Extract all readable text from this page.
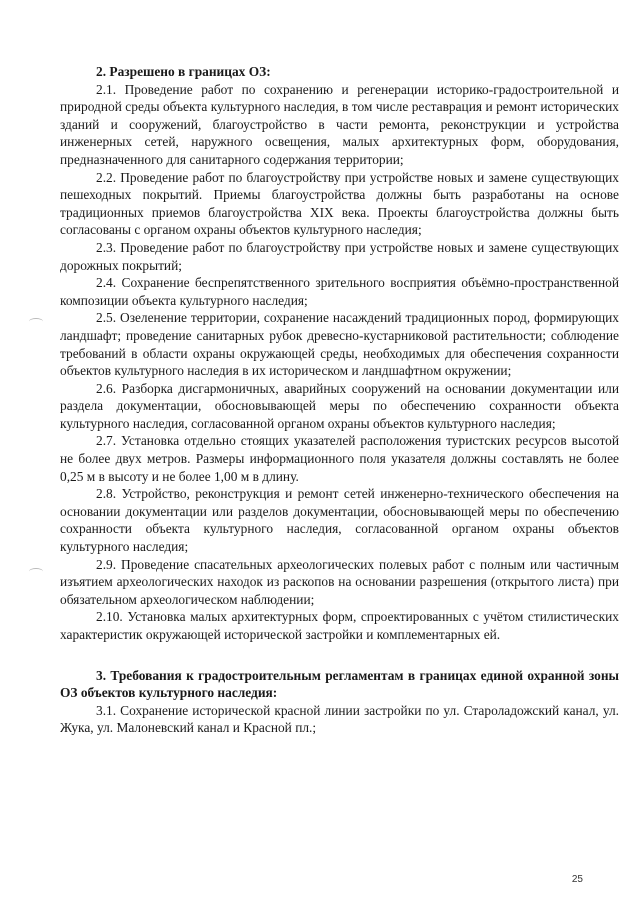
2. Разрешено в границах ОЗ:

2.1. Проведение работ по сохранению и регенерации историко-градостроительной и природной среды объекта культурного наследия, в том числе реставрация и ремонт исторических зданий и сооружений, благоустройство в части ремонта, реконструкции и устройства инженерных сетей, наружного освещения, малых архитектурных форм, оборудования, предназначенного для санитарного содержания территории;

2.2. Проведение работ по благоустройству при устройстве новых и замене существующих пешеходных покрытий. Приемы благоустройства должны быть разработаны на основе традиционных приемов благоустройства XIX века. Проекты благоустройства должны быть согласованы с органом охраны объектов культурного наследия;

2.3. Проведение работ по благоустройству при устройстве новых и замене существующих дорожных покрытий;

2.4. Сохранение беспрепятственного зрительного восприятия объёмно-пространственной композиции объекта культурного наследия;

2.5. Озеленение территории, сохранение насаждений традиционных пород, формирующих ландшафт; проведение санитарных рубок древесно-кустарниковой растительности; соблюдение требований в области охраны окружающей среды, необходимых для обеспечения сохранности объектов культурного наследия в их историческом и ландшафтном окружении;

2.6. Разборка дисгармоничных, аварийных сооружений на основании документации или раздела документации, обосновывающей меры по обеспечению сохранности объекта культурного наследия, согласованной органом охраны объектов культурного наследия;

2.7. Установка отдельно стоящих указателей расположения туристских ресурсов высотой не более двух метров. Размеры информационного поля указателя должны составлять не более 0,25 м в высоту и не более 1,00 м в длину.

2.8. Устройство, реконструкция и ремонт сетей инженерно-технического обеспечения на основании документации или разделов документации, обосновывающей меры по обеспечению сохранности объекта культурного наследия, согласованной органом охраны объектов культурного наследия;

2.9. Проведение спасательных археологических полевых работ с полным или частичным изъятием археологических находок из раскопов на основании разрешения (открытого листа) при обязательном археологическом наблюдении;

2.10. Установка малых архитектурных форм, спроектированных с учётом стилистических характеристик окружающей исторической застройки и комплементарных ей.

3. Требования к градостроительным регламентам в границах единой охранной зоны ОЗ объектов культурного наследия:

3.1. Сохранение исторической красной линии застройки по ул. Староладожский канал, ул. Жука, ул. Малоневский канал и Красной пл.;

25
